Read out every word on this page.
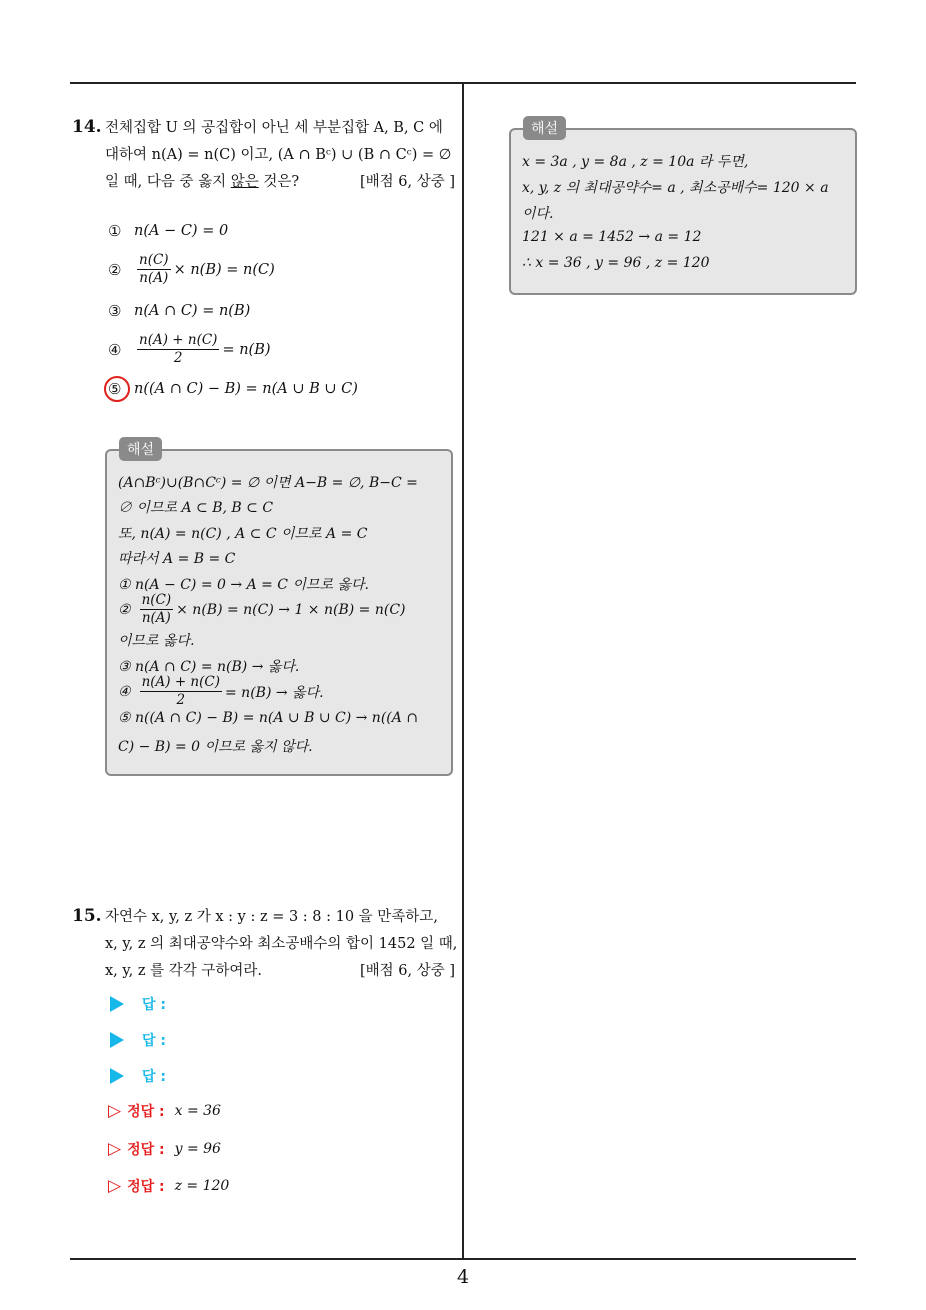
4
14. 전체집합 U 의 공집합이 아닌 세 부분집합 A, B, C 에
대하여 n(A) = n(C) 이고, (A ∩ Bᶜ) ∪ (B ∩ Cᶜ) = ∅
일 때, 다음 중 옳지 않은 것은?	[배점 6, 상중 ]
① n(A − C) = 0
②	$\frac{n(C)}{n(A)} \times n(B) = n(C)$
③ n(A ∩ C) = n(B)
④	$\frac{n(A) + n(C)}{2} = n(B)$
⑤ n((A ∩ C) − B) = n(A ∪ B ∪ C)
해설
(A∩Bᶜ)∪(B∩Cᶜ) = ∅ 이면 A−B = ∅, B−C =
∅ 이므로 A ⊂ B, B ⊂ C
또, n(A) = n(C) , A ⊂ C 이므로 A = C
따라서 A = B = C
① n(A − C) = 0 → A = C 이므로 옳다.
② $\frac{n(C)}{n(A)} \times n(B) = n(C) \to 1 \times n(B) = n(C)$
이므로 옳다.
③ n(A ∩ C) = n(B) → 옳다.
④ $\frac{n(A) + n(C)}{2} = n(B)$ → 옳다.
⑤ n((A ∩ C) − B) = n(A ∪ B ∪ C) → n((A ∩
C) − B) = 0 이므로 옳지 않다.
15. 자연수 x, y, z 가 x : y : z = 3 : 8 : 10 을 만족하고,
x, y, z 의 최대공약수와 최소공배수의 합이 1452 일 때,
x, y, z 를 각각 구하여라.	[배점 6, 상중 ]
답 :
답 :
답 :
▷ 정답 : x = 36
▷ 정답 : y = 96
▷ 정답 : z = 120
해설
x = 3a , y = 8a , z = 10a 라 두면,
x, y, z 의 최대공약수= a , 최소공배수= 120 × a
이다.
121 × a = 1452 → a = 12
∴ x = 36 , y = 96 , z = 120
